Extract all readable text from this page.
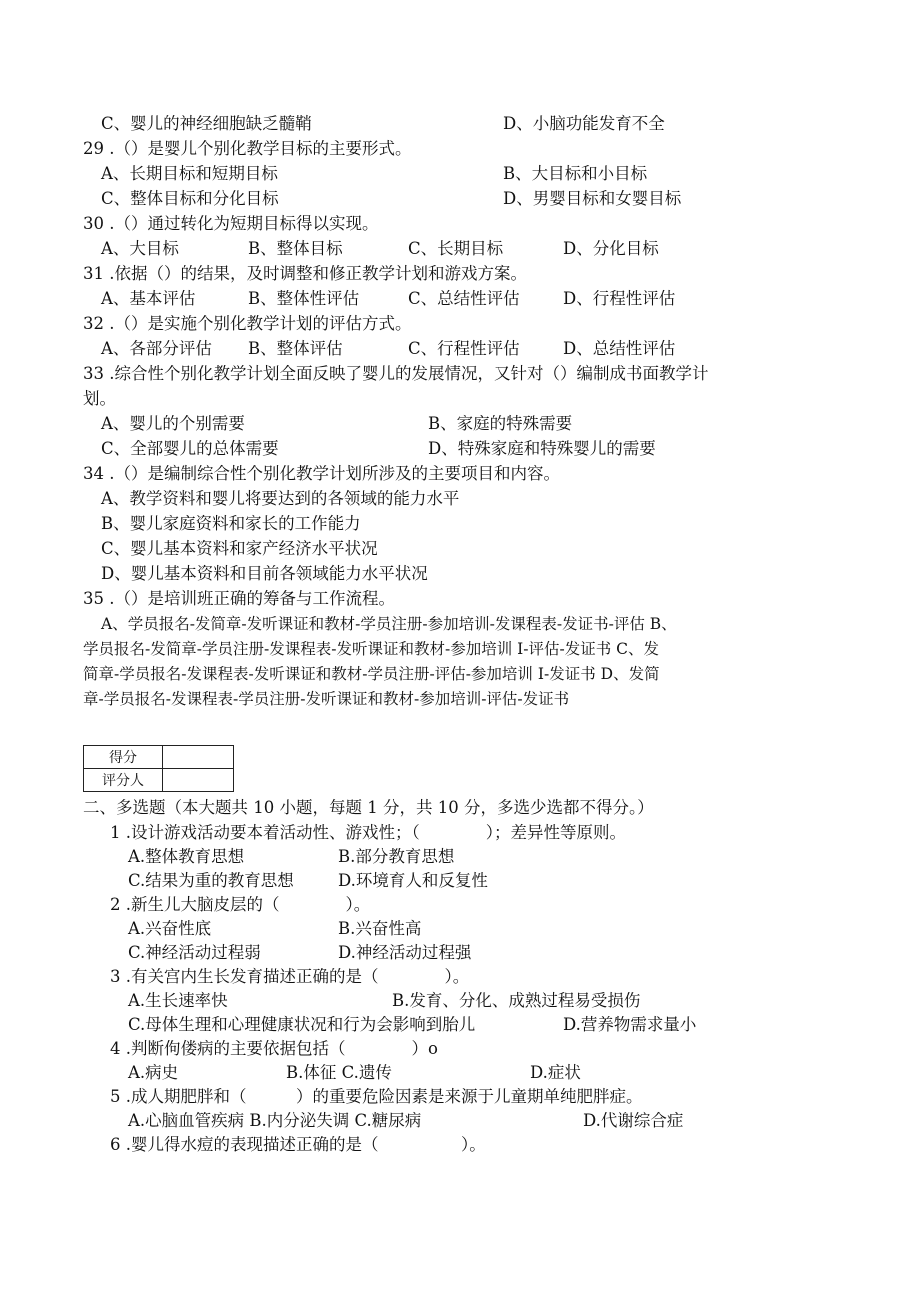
C、婴儿的神经细胞缺乏髓鞘	D、小脑功能发育不全
29 .（）是婴儿个别化教学目标的主要形式。
A、长期目标和短期目标	B、大目标和小目标
C、整体目标和分化目标	D、男婴目标和女婴目标
30 .（）通过转化为短期目标得以实现。
A、大目标	B、整体目标	C、长期目标	D、分化目标
31 .依据（）的结果，及时调整和修正教学计划和游戏方案。
A、基本评估	B、整体性评估	C、总结性评估	D、行程性评估
32 .（）是实施个别化教学计划的评估方式。
A、各部分评估 B、整体评估	C、行程性评估	D、总结性评估
33 .综合性个别化教学计划全面反映了婴儿的发展情况，又针对（）编制成书面教学计
划。
A、婴儿的个别需要	B、家庭的特殊需要
C、全部婴儿的总体需要	D、特殊家庭和特殊婴儿的需要
34 .（）是编制综合性个别化教学计划所涉及的主要项目和内容。
A、教学资料和婴儿将要达到的各领域的能力水平
B、婴儿家庭资料和家长的工作能力
C、婴儿基本资料和家产经济水平状况
D、婴儿基本资料和目前各领域能力水平状况
35 .（）是培训班正确的筹备与工作流程。
A、学员报名-发简章-发听课证和教材-学员注册-参加培训-发课程表-发证书-评估 B、
学员报名-发简章-学员注册-发课程表-发听课证和教材-参加培训 I-评估-发证书 C、发
简章-学员报名-发课程表-发听课证和教材-学员注册-评估-参加培训 I-发证书 D、发简
章-学员报名-发课程表-学员注册-发听课证和教材-参加培训-评估-发证书
得分	
评分人	
二、多选题（本大题共 10 小题，每题 1 分，共 10 分，多选少选都不得分。）
1 .设计游戏活动要本着活动性、游戏性；（　　　　）；差异性等原则。
A.整体教育思想	B.部分教育思想
C.结果为重的教育思想	D.环境育人和反复性
2 .新生儿大脑皮层的（　　　　）。
A.兴奋性底	B.兴奋性高
C.神经活动过程弱	D.神经活动过程强
3 .有关宫内生长发育描述正确的是（　　　　）。
A.生长速率快	B.发育、分化、成熟过程易受损伤
C.母体生理和心理健康状况和行为会影响到胎儿	D.营养物需求量小
4 .判断佝偻病的主要依据包括（　　　　）o
A.病史	B.体征 C.遗传	D.症状
5 .成人期肥胖和（　　　）的重要危险因素是来源于儿童期单纯肥胖症。
A.心脑血管疾病 B.内分泌失调 C.糖尿病	D.代谢综合症
6 .婴儿得水痘的表现描述正确的是（　　　　　）。
